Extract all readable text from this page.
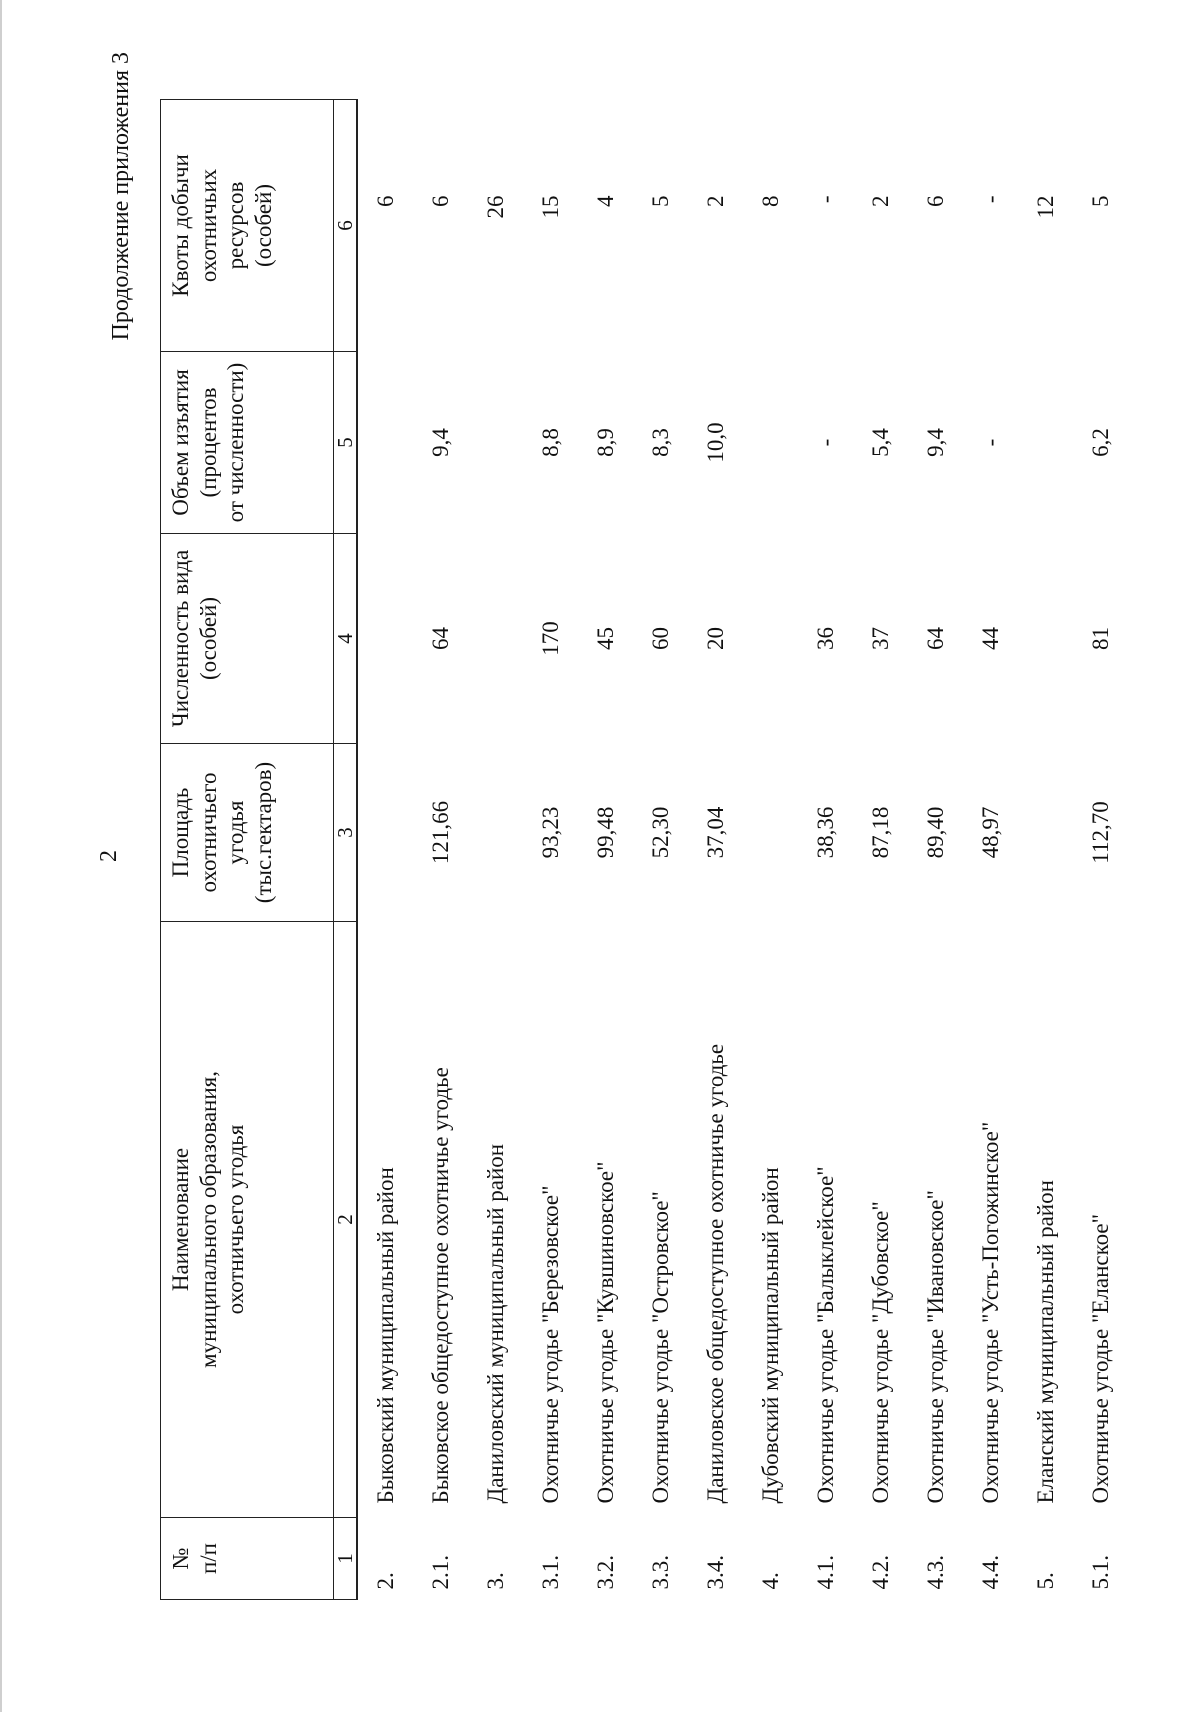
2
Продолжение приложения 3
№
п/п	Наименование
муниципального образования,
охотничьего угодья	Площадь
охотничьего
угодья
(тыс.гектаров)	Численность вида
(особей)	Объем изъятия
(процентов
от численности)	Квоты добычи
охотничьих
ресурсов
(особей)
1	2	3	4	5	6
2.	Быковский муниципальный район				6
2.1.	Быковское общедоступное охотничье угодье	121,66	64	9,4	6
3.	Даниловский муниципальный район				26
3.1.	Охотничье угодье "Березовское"	93,23	170	8,8	15
3.2.	Охотничье угодье "Кувшиновское"	99,48	45	8,9	4
3.3.	Охотничье угодье "Островское"	52,30	60	8,3	5
3.4.	Даниловское общедоступное охотничье угодье	37,04	20	10,0	2
4.	Дубовский муниципальный район				8
4.1.	Охотничье угодье "Балыклейское"	38,36	36	-	-
4.2.	Охотничье угодье "Дубовское"	87,18	37	5,4	2
4.3.	Охотничье угодье "Ивановское"	89,40	64	9,4	6
4.4.	Охотничье угодье "Усть-Погожинское"	48,97	44	-	-
5.	Еланский муниципальный район				12
5.1.	Охотничье угодье "Еланское"	112,70	81	6,2	5
